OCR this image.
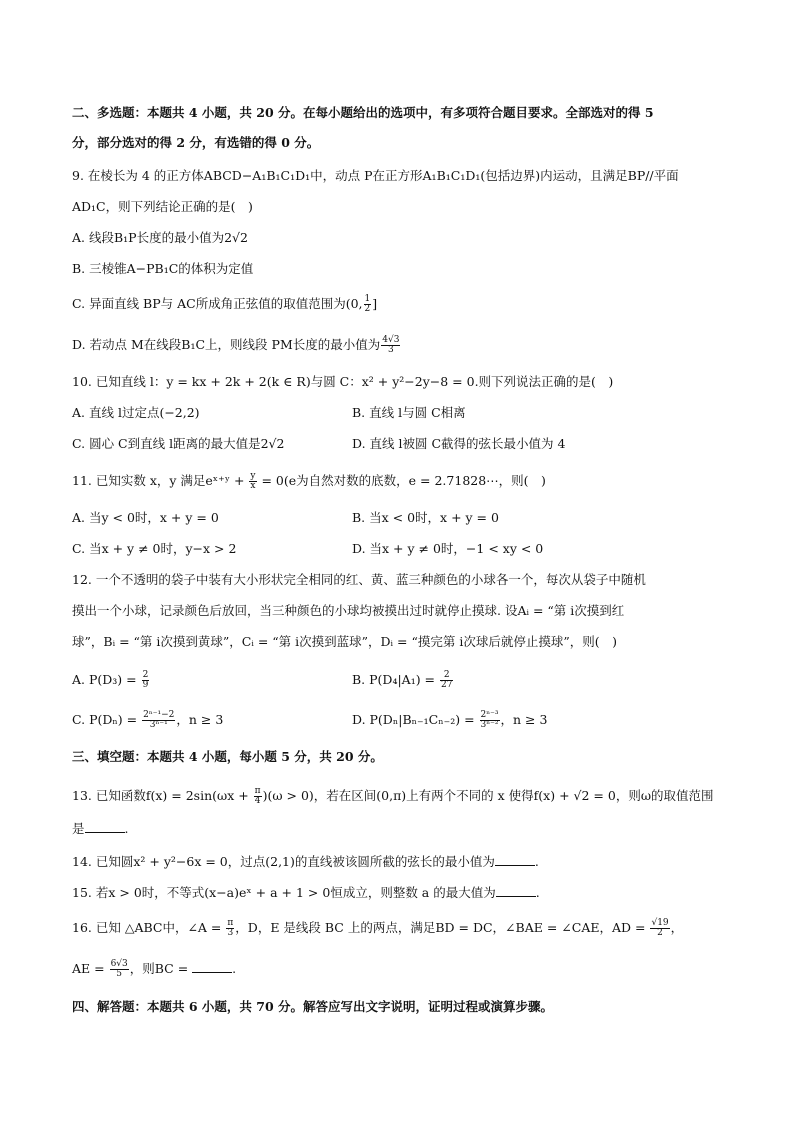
二、多选题：本题共 4 小题，共 20 分。在每小题给出的选项中，有多项符合题目要求。全部选对的得 5
分，部分选对的得 2 分，有选错的得 0 分。
9. 在棱长为 4 的正方体ABCD−A₁B₁C₁D₁中，动点 P在正方形A₁B₁C₁D₁(包括边界)内运动，且满足BP//平面
AD₁C，则下列结论正确的是(　)
A. 线段B₁P长度的最小值为2√2
B. 三棱锥A−PB₁C的体积为定值
C. 异面直线 BP与 AC所成角正弦值的取值范围为(0, $\frac{1}{2}$ ]
D. 若动点 M在线段B₁C上，则线段 PM长度的最小值为 $\frac{4√3}{3}$
10. 已知直线 l：y = kx + 2k + 2(k ∈ R)与圆 C：x² + y²−2y−8 = 0.则下列说法正确的是(　)
A. 直线 l过定点(−2,2)	B. 直线 l与圆 C相离
C. 圆心 C到直线 l距离的最大值是2√2	D. 直线 l被圆 C截得的弦长最小值为 4
11. 已知实数 x，y 满足eˣ⁺ʸ + $\frac{y}{x} = 0(e$为自然对数的底数，e = 2.71828⋯，则(　)
A. 当y < 0时，x + y = 0	B. 当x < 0时，x + y = 0
C. 当x + y ≠ 0时，y−x > 2	D. 当x + y ≠ 0时，−1 < xy < 0
12. 一个不透明的袋子中装有大小形状完全相同的红、黄、蓝三种颜色的小球各一个，每次从袋子中随机
摸出一个小球，记录颜色后放回，当三种颜色的小球均被摸出过时就停止摸球. 设Aᵢ = “第 i次摸到红
球”，Bᵢ = “第 i次摸到黄球”，Cᵢ = “第 i次摸到蓝球”，Dᵢ = “摸完第 i次球后就停止摸球”，则(　)
A. $P(D_3) = \frac{2}{9}$	B. $P(D_4|A_1) = \frac{2}{27}$
C. $P(D_n) = \frac{\text{2ⁿ⁻¹−2}}{\text{3ⁿ⁻¹}}$ ，n ≥ 3	D. $P(D_n|B_{n-1}C_{n-2}) = \frac{\text{2ⁿ⁻³}}{\text{3ⁿ⁻²}}$ ，n ≥ 3
三、填空题：本题共 4 小题，每小题 5 分，共 20 分。
13. 已知函数$f(x) = 2\sin(\omega x + \frac{\pi}{4} )(\omega > 0)$，若在区间(0,π)上有两个不同的 x 使得f(x) + √2 = 0，则ω的取值范围
是	.
14. 已知圆x² + y²−6x = 0，过点(2,1)的直线被该圆所截的弦长的最小值为	.
15. 若x > 0时，不等式(x−a)eˣ + a + 1 > 0恒成立，则整数 a 的最大值为	.
16. 已知 △ABC中，∠A = $\frac{\pi}{3}$ ，D，E 是线段 BC 上的两点，满足BD = DC，∠BAE = ∠CAE，AD = $\frac{√19}{2}$ ，
AE = $\frac{6√3}{5}$ ，则BC =	.
四、解答题：本题共 6 小题，共 70 分。解答应写出文字说明，证明过程或演算步骤。
